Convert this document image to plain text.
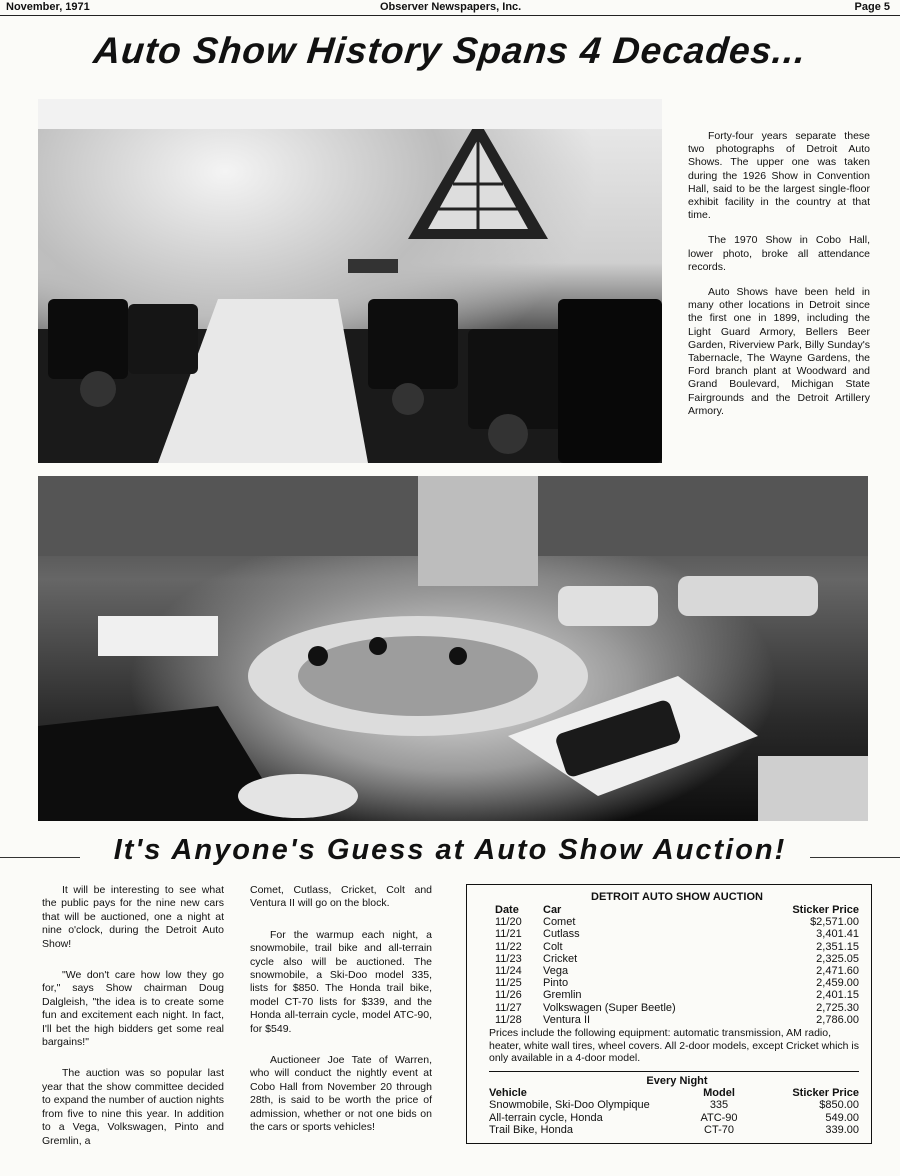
November, 1971	Observer Newspapers, Inc.	Page 5
Auto Show History Spans 4 Decades...

Forty-four years separate these two photographs of Detroit Auto Shows. The upper one was taken during the 1926 Show in Convention Hall, said to be the largest single-floor exhibit facility in the country at that time.

The 1970 Show in Cobo Hall, lower photo, broke all attendance records.

Auto Shows have been held in many other locations in Detroit since the first one in 1899, including the Light Guard Armory, Bellers Beer Garden, Riverview Park, Billy Sunday's Tabernacle, The Wayne Gardens, the Ford branch plant at Woodward and Grand Boulevard, Michigan State Fairgrounds and the Detroit Artillery Armory.

It's Anyone's Guess at Auto Show Auction!

It will be interesting to see what the public pays for the nine new cars that will be auctioned, one a night at nine o'clock, during the Detroit Auto Show!

"We don't care how low they go for," says Show chairman Doug Dalgleish, "the idea is to create some fun and excitement each night. In fact, I'll bet the high bidders get some real bargains!"

The auction was so popular last year that the show committee decided to expand the number of auction nights from five to nine this year. In addition to a Vega, Volkswagen, Pinto and Gremlin, a

Comet, Cutlass, Cricket, Colt and Ventura II will go on the block.

For the warmup each night, a snowmobile, trail bike and all-terrain cycle also will be auctioned. The snowmobile, a Ski-Doo model 335, lists for $850. The Honda trail bike, model CT-70 lists for $339, and the Honda all-terrain cycle, model ATC-90, for $549.

Auctioneer Joe Tate of Warren, who will conduct the nightly event at Cobo Hall from November 20 through 28th, is said to be worth the price of admission, whether or not one bids on the cars or sports vehicles!

DETROIT AUTO SHOW AUCTION
Date	Car	Sticker Price
11/20	Comet	$2,571.00
11/21	Cutlass	3,401.41
11/22	Colt	2,351.15
11/23	Cricket	2,325.05
11/24	Vega	2,471.60
11/25	Pinto	2,459.00
11/26	Gremlin	2,401.15
11/27	Volkswagen (Super Beetle)	2,725.30
11/28	Ventura II	2,786.00
Prices include the following equipment: automatic transmission, AM radio, heater, white wall tires, wheel covers. All 2-door models, except Cricket which is only available in a 4-door model.
Every Night
Vehicle	Model	Sticker Price
Snowmobile, Ski-Doo Olympique	335	$850.00
All-terrain cycle, Honda	ATC-90	549.00
Trail Bike, Honda	CT-70	339.00
